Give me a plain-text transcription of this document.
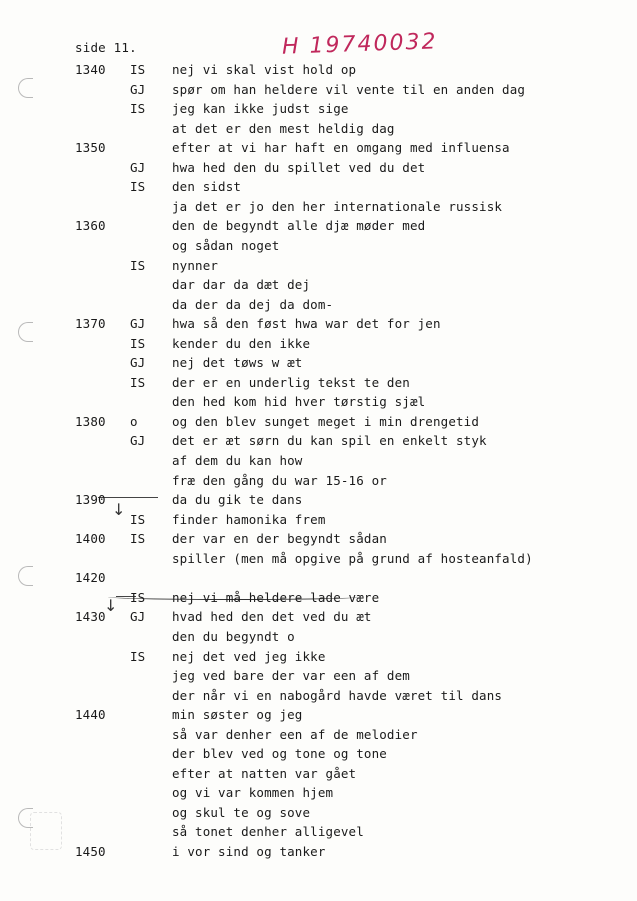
side 11.	H 19740032
↓
↓
1340 IS nej vi skal vist hold op
GJ spør om han heldere vil vente til en anden dag
IS jeg kan ikke judst sige
at det er den mest heldig dag
1350	efter at vi har haft en omgang med influensa
GJ hwa hed den du spillet ved du det
IS den sidst
ja det er jo den her internationale russisk
1360	den de begyndt alle djæ møder med
og sådan noget
IS nynner
dar dar da dæt dej
da der da dej da dom-
1370 GJ hwa så den føst hwa war det for jen
IS kender du den ikke
GJ nej det tøws w æt
IS der er en underlig tekst te den
den hed kom hid hver tørstig sjæl
1380 o	og den blev sunget meget i min drengetid
GJ det er æt sørn du kan spil en enkelt styk
af dem du kan how
fræ den gång du war 15-16 or
1390	da du gik te dans
IS finder hamonika frem
1400 IS der var en der begyndt sådan
spiller (men må opgive på grund af hosteanfald)
1420
IS nej vi må heldere lade være
1430 GJ hvad hed den det ved du æt
den du begyndt o
IS nej det ved jeg ikke
jeg ved bare der var een af dem
der når vi en nabogård havde været til dans
1440	min søster og jeg
så var denher een af de melodier
der blev ved og tone og tone
efter at natten var gået
og vi var kommen hjem
og skul te og sove
så tonet denher alligevel
1450	i vor sind og tanker
